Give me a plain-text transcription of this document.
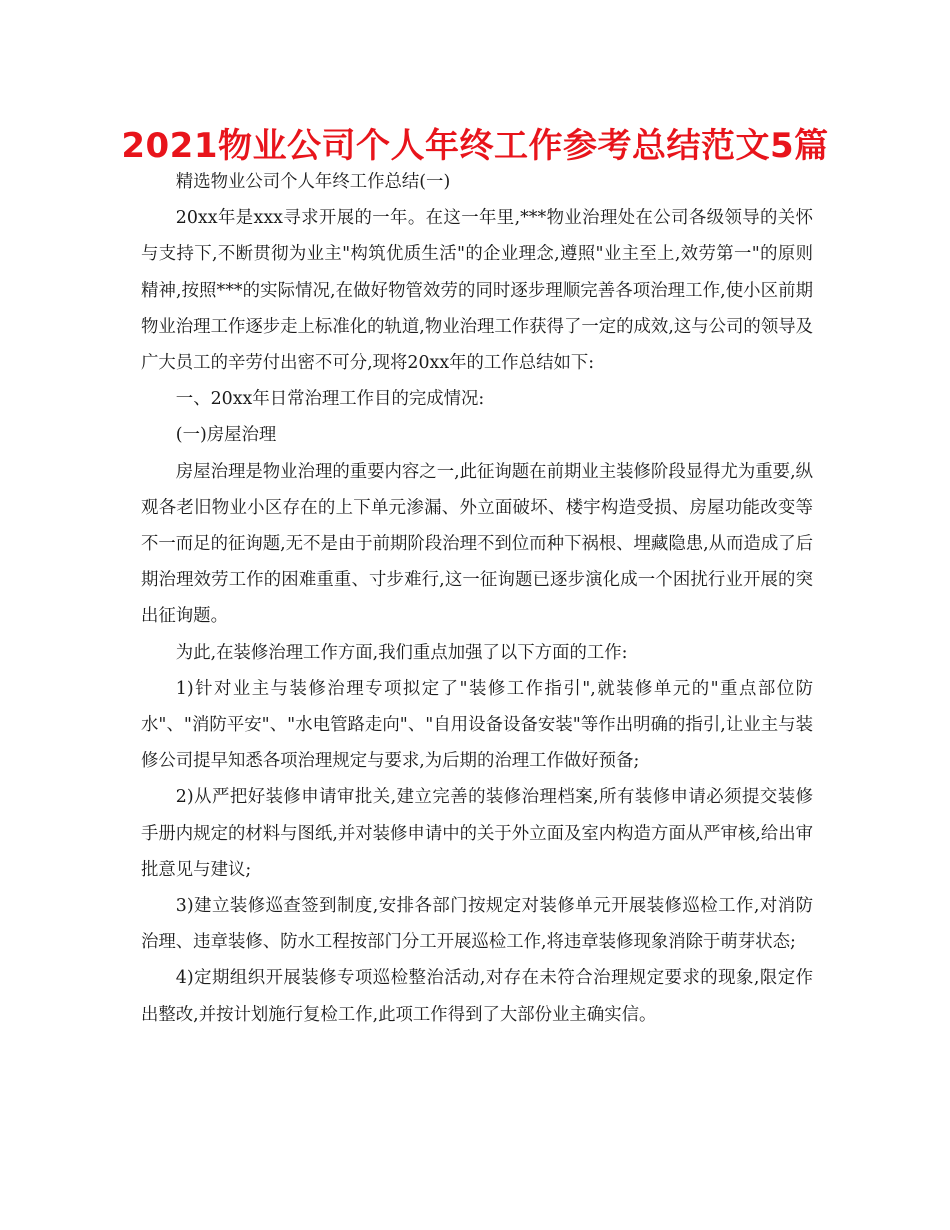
2021物业公司个人年终工作参考总结范文5篇

精选物业公司个人年终工作总结(一)

20xx年是xxx寻求开展的一年。在这一年里,***物业治理处在公司各级领导的关怀与支持下,不断贯彻为业主"构筑优质生活"的企业理念,遵照"业主至上,效劳第一"的原则精神,按照***的实际情况,在做好物管效劳的同时逐步理顺完善各项治理工作,使小区前期物业治理工作逐步走上标准化的轨道,物业治理工作获得了一定的成效,这与公司的领导及广大员工的辛劳付出密不可分,现将20xx年的工作总结如下:

一、20xx年日常治理工作目的完成情况:

(一)房屋治理

房屋治理是物业治理的重要内容之一,此征询题在前期业主装修阶段显得尤为重要,纵观各老旧物业小区存在的上下单元渗漏、外立面破坏、楼宇构造受损、房屋功能改变等不一而足的征询题,无不是由于前期阶段治理不到位而种下祸根、埋藏隐患,从而造成了后期治理效劳工作的困难重重、寸步难行,这一征询题已逐步演化成一个困扰行业开展的突出征询题。

为此,在装修治理工作方面,我们重点加强了以下方面的工作:

1)针对业主与装修治理专项拟定了"装修工作指引",就装修单元的"重点部位防水"、"消防平安"、"水电管路走向"、"自用设备设备安装"等作出明确的指引,让业主与装修公司提早知悉各项治理规定与要求,为后期的治理工作做好预备;

2)从严把好装修申请审批关,建立完善的装修治理档案,所有装修申请必须提交装修手册内规定的材料与图纸,并对装修申请中的关于外立面及室内构造方面从严审核,给出审批意见与建议;

3)建立装修巡查签到制度,安排各部门按规定对装修单元开展装修巡检工作,对消防治理、违章装修、防水工程按部门分工开展巡检工作,将违章装修现象消除于萌芽状态;

4)定期组织开展装修专项巡检整治活动,对存在未符合治理规定要求的现象,限定作出整改,并按计划施行复检工作,此项工作得到了大部份业主确实信。
